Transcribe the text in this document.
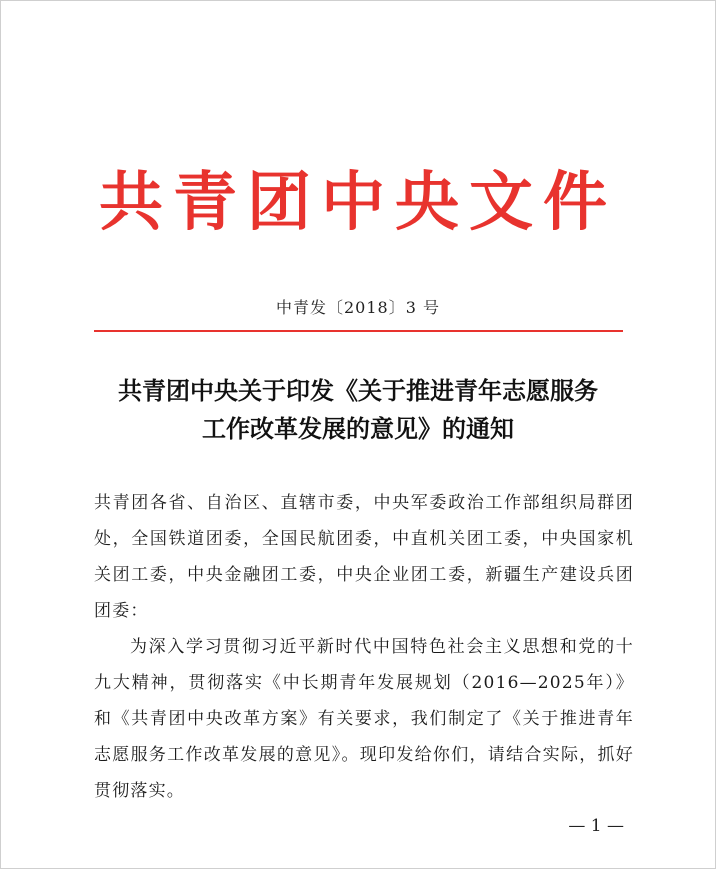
共青团中央文件
中青发〔2018〕3 号
共青团中央关于印发《关于推进青年志愿服务
工作改革发展的意见》的通知

共青团各省、自治区、直辖市委，中央军委政治工作部组织局群团处，全国铁道团委，全国民航团委，中直机关团工委，中央国家机关团工委，中央金融团工委，中央企业团工委，新疆生产建设兵团团委：

为深入学习贯彻习近平新时代中国特色社会主义思想和党的十九大精神，贯彻落实《中长期青年发展规划（2016—2025年）》和《共青团中央改革方案》有关要求，我们制定了《关于推进青年志愿服务工作改革发展的意见》。现印发给你们，请结合实际，抓好贯彻落实。

— 1 —
